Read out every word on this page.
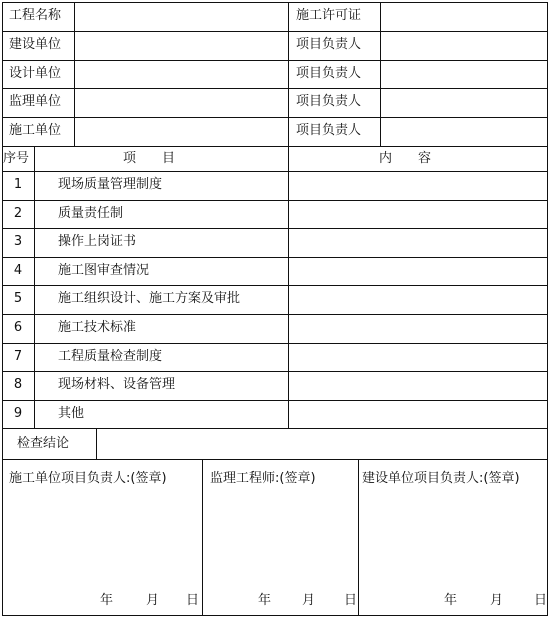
工程名称	施工许可证
建设单位	项目负责人
设计单位	项目负责人
监理单位	项目负责人
施工单位	项目负责人
序号	项目	内容
1	现场质量管理制度
2	质量责任制
3	操作上岗证书
4	施工图审查情况
5	施工组织设计、施工方案及审批
6	施工技术标准
7	工程质量检查制度
8	现场材料、设备管理
9	其他
检查结论
施工单位项目负责人:(签章)
年	月 日
监理工程师:(签章)
年 月 日
建设单位项目负责人:(签章)
年	月 日
